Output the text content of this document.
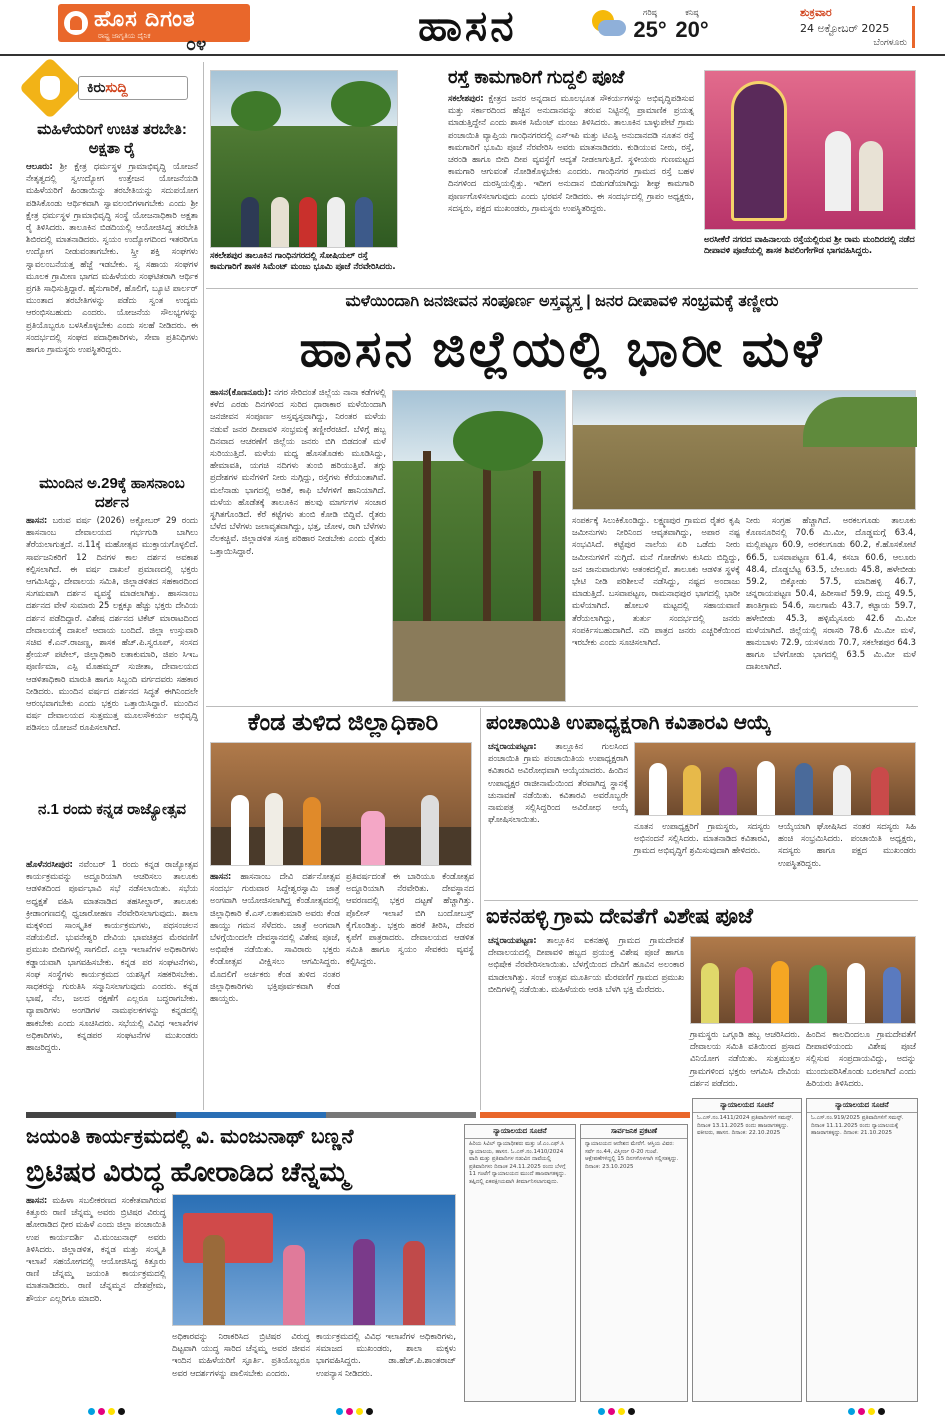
ಹೊಸ ದಿಗಂತ
ರಾಷ್ಟ್ರ ಜಾಗೃತಿಯ ದೈನಿಕ ೦೪	ಹಾಸನ	ಗರಿಷ್ಠ
25°
ಕನಿಷ್ಠ
20°
ಶುಕ್ರವಾರ
24 ಅಕ್ಟೋಬರ್ 2025
ಬೆಂಗಳೂರು
ಕಿರುಸುದ್ದಿ
ಮಹಿಳೆಯರಿಗೆ ಉಚಿತ ತರಬೇತಿ: ಅಕ್ಷತಾ ರೈ
ಆಲೂರು: ಶ್ರೀ ಕ್ಷೇತ್ರ ಧರ್ಮಸ್ಥಳ ಗ್ರಾಮಾಭಿವೃದ್ಧಿ ಯೋಜನೆ ನೇತೃತ್ವದಲ್ಲಿ ಸ್ವಉದ್ಯೋಗ ಉತ್ತೇಜನ ಯೋಜನೆಯಡಿ ಮಹಿಳೆಯರಿಗೆ ಹಿಂಡಾಯಿನ್ನು ತರಬೇತಿಯನ್ನು ಸದುಪಯೋಗ ಪಡಿಸಿಕೊಂಡು ಆರ್ಥಿಕವಾಗಿ ಸ್ವಾವಲಂಬಿಗಳಾಗಬೇಕು ಎಂದು ಶ್ರೀ ಕ್ಷೇತ್ರ ಧರ್ಮಸ್ಥಳ ಗ್ರಾಮಾಭಿವೃದ್ಧಿ ಸಂಸ್ಥೆ ಯೋಜನಾಧಿಕಾರಿ ಅಕ್ಷತಾ ರೈ ತಿಳಿಸಿದರು. ತಾಲೂಕಿನ ಬಿಡದಿಯಲ್ಲಿ ಆಯೋಜಿಸಿದ್ದ ತರಬೇತಿ ಶಿಬಿರದಲ್ಲಿ ಮಾತನಾಡಿದರು. ಸ್ವಯಂ ಉದ್ಯೋಗದಿಂದ ಇತರರಿಗೂ ಉದ್ಯೋಗ ನೀಡುವಂತಾಗಬೇಕು. ಸ್ತ್ರೀ ಶಕ್ತಿ ಸಂಘಗಳು ಸ್ವಾವಲಂಬನೆಯತ್ತ ಹೆಜ್ಜೆ ಇಡಬೇಕು. ಸ್ವ ಸಹಾಯ ಸಂಘಗಳ ಮೂಲಕ ಗ್ರಾಮೀಣ ಭಾಗದ ಮಹಿಳೆಯರು ಸಂಘಟಿತರಾಗಿ ಆರ್ಥಿಕ ಪ್ರಗತಿ ಸಾಧಿಸುತ್ತಿದ್ದಾರೆ. ಹೈನುಗಾರಿಕೆ, ಹೊಲಿಗೆ, ಬ್ಯೂಟಿ ಪಾರ್ಲರ್ ಮುಂತಾದ ತರಬೇತಿಗಳನ್ನು ಪಡೆದು ಸ್ವಂತ ಉದ್ಯಮ ಆರಂಭಿಸಬಹುದು ಎಂದರು. ಯೋಜನೆಯ ಸೌಲಭ್ಯಗಳನ್ನು ಪ್ರತಿಯೊಬ್ಬರೂ ಬಳಸಿಕೊಳ್ಳಬೇಕು ಎಂದು ಸಲಹೆ ನೀಡಿದರು. ಈ ಸಂದರ್ಭದಲ್ಲಿ ಸಂಘದ ಪದಾಧಿಕಾರಿಗಳು, ಸೇವಾ ಪ್ರತಿನಿಧಿಗಳು ಹಾಗೂ ಗ್ರಾಮಸ್ಥರು ಉಪಸ್ಥಿತರಿದ್ದರು.
ಮುಂದಿನ ಅ.29ಕ್ಕೆ ಹಾಸನಾಂಬ ದರ್ಶನ
ಹಾಸನ: ಬರುವ ವರ್ಷ (2026) ಅಕ್ಟೋಬರ್ 29 ರಂದು ಹಾಸನಾಂಬ ದೇವಾಲಯದ ಗರ್ಭಗುಡಿ ಬಾಗಿಲು ತೆರೆಯಲಾಗುತ್ತದೆ. ನ.11ಕ್ಕೆ ಮಹೋತ್ಸವ ಮುಕ್ತಾಯಗೊಳ್ಳಲಿದೆ. ಸಾರ್ವಜನಿಕರಿಗೆ 12 ದಿನಗಳ ಕಾಲ ದರ್ಶನ ಅವಕಾಶ ಕಲ್ಪಿಸಲಾಗಿದೆ. ಈ ವರ್ಷ ದಾಖಲೆ ಪ್ರಮಾಣದಲ್ಲಿ ಭಕ್ತರು ಆಗಮಿಸಿದ್ದು, ದೇವಾಲಯ ಸಮಿತಿ, ಜಿಲ್ಲಾಡಳಿತದ ಸಹಕಾರದಿಂದ ಸುಗಮವಾಗಿ ದರ್ಶನ ವ್ಯವಸ್ಥೆ ಮಾಡಲಾಗಿತ್ತು. ಹಾಸನಾಂಬ ದರ್ಶನದ ವೇಳೆ ಸುಮಾರು 25 ಲಕ್ಷಕ್ಕೂ ಹೆಚ್ಚು ಭಕ್ತರು ದೇವಿಯ ದರ್ಶನ ಪಡೆದಿದ್ದಾರೆ. ವಿಶೇಷ ದರ್ಶನದ ಟಿಕೆಟ್ ಮಾರಾಟದಿಂದ ದೇವಾಲಯಕ್ಕೆ ದಾಖಲೆ ಆದಾಯ ಬಂದಿದೆ. ಜಿಲ್ಲಾ ಉಸ್ತುವಾರಿ ಸಚಿವ ಕೆ.ಎನ್.ರಾಜಣ್ಣ, ಶಾಸಕ ಹೆಚ್.ಪಿ.ಸ್ವರೂಪ್, ಸಂಸದ ಶ್ರೇಯಸ್ ಪಟೇಲ್, ಜಿಲ್ಲಾಧಿಕಾರಿ ಲತಾಕುಮಾರಿ, ಜಿಪಂ ಸಿಇಒ ಪೂರ್ಣಿಮಾ, ಎಸ್ಪಿ ಮೊಹಮ್ಮದ್ ಸುಜೀತಾ, ದೇವಾಲಯದ ಆಡಳಿತಾಧಿಕಾರಿ ಮಾರುತಿ ಹಾಗೂ ಸಿಬ್ಬಂದಿ ವರ್ಗದವರು ಸಹಕಾರ ನೀಡಿದರು. ಮುಂದಿನ ವರ್ಷದ ದರ್ಶನದ ಸಿದ್ಧತೆ ಈಗಿನಿಂದಲೇ ಆರಂಭವಾಗಬೇಕು ಎಂದು ಭಕ್ತರು ಒತ್ತಾಯಿಸಿದ್ದಾರೆ. ಮುಂದಿನ ವರ್ಷ ದೇವಾಲಯದ ಸುತ್ತಮುತ್ತ ಮೂಲಸೌಕರ್ಯ ಅಭಿವೃದ್ಧಿ ಪಡಿಸಲು ಯೋಜನೆ ರೂಪಿಸಲಾಗಿದೆ.
ನ.1 ರಂದು ಕನ್ನಡ ರಾಜ್ಯೋತ್ಸವ
ಹೊಳೆನರಸೀಪುರ: ನವೆಂಬರ್ 1 ರಂದು ಕನ್ನಡ ರಾಜ್ಯೋತ್ಸವ ಕಾರ್ಯಕ್ರಮವನ್ನು ಅದ್ದೂರಿಯಾಗಿ ಆಚರಿಸಲು ತಾಲೂಕು ಆಡಳಿತದಿಂದ ಪೂರ್ವಭಾವಿ ಸಭೆ ನಡೆಸಲಾಯಿತು. ಸಭೆಯ ಅಧ್ಯಕ್ಷತೆ ವಹಿಸಿ ಮಾತನಾಡಿದ ತಹಸೀಲ್ದಾರ್, ತಾಲೂಕು ಕ್ರೀಡಾಂಗಣದಲ್ಲಿ ಧ್ವಜಾರೋಹಣ ನೆರವೇರಿಸಲಾಗುವುದು. ಶಾಲಾ ಮಕ್ಕಳಿಂದ ಸಾಂಸ್ಕೃತಿಕ ಕಾರ್ಯಕ್ರಮಗಳು, ಪಥಸಂಚಲನ ನಡೆಯಲಿದೆ. ಭುವನೇಶ್ವರಿ ದೇವಿಯ ಭಾವಚಿತ್ರದ ಮೆರವಣಿಗೆ ಪ್ರಮುಖ ಬೀದಿಗಳಲ್ಲಿ ಸಾಗಲಿದೆ. ಎಲ್ಲಾ ಇಲಾಖೆಗಳ ಅಧಿಕಾರಿಗಳು ಕಡ್ಡಾಯವಾಗಿ ಭಾಗವಹಿಸಬೇಕು. ಕನ್ನಡ ಪರ ಸಂಘಟನೆಗಳು, ಸಂಘ ಸಂಸ್ಥೆಗಳು ಕಾರ್ಯಕ್ರಮದ ಯಶಸ್ಸಿಗೆ ಸಹಕರಿಸಬೇಕು. ಸಾಧಕರನ್ನು ಗುರುತಿಸಿ ಸನ್ಮಾನಿಸಲಾಗುವುದು ಎಂದರು. ಕನ್ನಡ ಭಾಷೆ, ನೆಲ, ಜಲದ ರಕ್ಷಣೆಗೆ ಎಲ್ಲರೂ ಬದ್ಧರಾಗಬೇಕು. ವ್ಯಾಪಾರಿಗಳು ಅಂಗಡಿಗಳ ನಾಮಫಲಕಗಳನ್ನು ಕನ್ನಡದಲ್ಲಿ ಹಾಕಬೇಕು ಎಂದು ಸೂಚಿಸಿದರು. ಸಭೆಯಲ್ಲಿ ವಿವಿಧ ಇಲಾಖೆಗಳ ಅಧಿಕಾರಿಗಳು, ಕನ್ನಡಪರ ಸಂಘಟನೆಗಳ ಮುಖಂಡರು ಹಾಜರಿದ್ದರು.
ಸಕಲೇಶಪುರ ತಾಲೂಕಿನ ಗಾಂಧಿನಗರದಲ್ಲಿ ಸೋಷಿಯಲ್ ರಸ್ತೆ ಕಾಮಗಾರಿಗೆ ಶಾಸಕ ಸಿಮೆಂಟ್ ಮಂಜು ಭೂಮಿ ಪೂಜೆ ನೆರವೇರಿಸಿದರು.
ರಸ್ತೆ ಕಾಮಗಾರಿಗೆ ಗುದ್ದಲಿ ಪೂಜೆ
ಸಕಲೇಶಪುರ: ಕ್ಷೇತ್ರದ ಜನರ ಅನ್ನದಾದ ಮೂಲಭೂತ ಸೌಕರ್ಯಗಳನ್ನು ಅಭಿವೃದ್ಧಿಪಡಿಸುವ ಮತ್ತು ಸರ್ಕಾರದಿಂದ ಹೆಚ್ಚಿನ ಅನುದಾನವನ್ನು ತರುವ ನಿಟ್ಟಿನಲ್ಲಿ ಪ್ರಾಮಾಣಿಕ ಪ್ರಯತ್ನ ಮಾಡುತ್ತಿದ್ದೇನೆ ಎಂದು ಶಾಸಕ ಸಿಮೆಂಟ್ ಮಂಜು ತಿಳಿಸಿದರು. ತಾಲೂಕಿನ ಬಾಳ್ಳುಪೇಟೆ ಗ್ರಾಮ ಪಂಚಾಯಿತಿ ವ್ಯಾಪ್ತಿಯ ಗಾಂಧಿನಗರದಲ್ಲಿ ಎಸ್ಇಪಿ ಮತ್ತು ಟಿಎಸ್ಪಿ ಅನುದಾನದಡಿ ನೂತನ ರಸ್ತೆ ಕಾಮಗಾರಿಗೆ ಭೂಮಿ ಪೂಜೆ ನೆರವೇರಿಸಿ ಅವರು ಮಾತನಾಡಿದರು. ಕುಡಿಯುವ ನೀರು, ರಸ್ತೆ, ಚರಂಡಿ ಹಾಗೂ ಬೀದಿ ದೀಪ ವ್ಯವಸ್ಥೆಗೆ ಆದ್ಯತೆ ನೀಡಲಾಗುತ್ತಿದೆ. ಸ್ಥಳೀಯರು ಗುಣಮಟ್ಟದ ಕಾಮಗಾರಿ ಆಗುವಂತೆ ನೋಡಿಕೊಳ್ಳಬೇಕು ಎಂದರು. ಗಾಂಧಿನಗರ ಗ್ರಾಮದ ರಸ್ತೆ ಬಹಳ ದಿನಗಳಿಂದ ದುರಸ್ತಿಯಲ್ಲಿತ್ತು. ಇದೀಗ ಅನುದಾನ ಬಿಡುಗಡೆಯಾಗಿದ್ದು ಶೀಘ್ರ ಕಾಮಗಾರಿ ಪೂರ್ಣಗೊಳಿಸಲಾಗುವುದು ಎಂದು ಭರವಸೆ ನೀಡಿದರು. ಈ ಸಂದರ್ಭದಲ್ಲಿ ಗ್ರಾಪಂ ಅಧ್ಯಕ್ಷರು, ಸದಸ್ಯರು, ಪಕ್ಷದ ಮುಖಂಡರು, ಗ್ರಾಮಸ್ಥರು ಉಪಸ್ಥಿತರಿದ್ದರು.
ಅರಸೀಕೆರೆ ನಗರದ ವಾಹಿನಾಲಯ ರಸ್ತೆಯಲ್ಲಿರುವ ಶ್ರೀ ರಾಮ ಮಂದಿರದಲ್ಲಿ ನಡೆದ ದೀಪಾವಳಿ ಪೂಜೆಯಲ್ಲಿ ಶಾಸಕ ಶಿವಲಿಂಗೇಗೌಡ ಭಾಗವಹಿಸಿದ್ದರು.
ಮಳೆಯಿಂದಾಗಿ ಜನಜೀವನ ಸಂಪೂರ್ಣ ಅಸ್ತವ್ಯಸ್ತ | ಜನರ ದೀಪಾವಳಿ ಸಂಭ್ರಮಕ್ಕೆ ತಣ್ಣೀರು
ಹಾಸನ ಜಿಲ್ಲೆಯಲ್ಲಿ ಭಾರೀ ಮಳೆ
ಹಾಸನ(ಕೊಣನೂರು): ನಗರ ಸೇರಿದಂತೆ ಜಿಲ್ಲೆಯ ನಾನಾ ಕಡೆಗಳಲ್ಲಿ ಕಳೆದ ಎರಡು ದಿನಗಳಿಂದ ಸುರಿದ ಧಾರಾಕಾರ ಮಳೆಯಿಂದಾಗಿ ಜನಜೀವನ ಸಂಪೂರ್ಣ ಅಸ್ತವ್ಯಸ್ತವಾಗಿದ್ದು, ನಿರಂತರ ಮಳೆಯ ನಡುವೆ ಜನರ ದೀಪಾವಳಿ ಸಂಭ್ರಮಕ್ಕೆ ತಣ್ಣೀರೆರಚಿದೆ. ಬೆಳಿಗ್ಗೆ ಹಬ್ಬ ದಿನವಾದ ಆಚರಣೆಗೆ ಜಿಲ್ಲೆಯ ಜನರು ಬಿಗಿ ಬಿಡದಂತೆ ಮಳೆ ಸುರಿಯುತ್ತಿದೆ. ಮಳೆಯ ಮಧ್ಯ ಹೊಸತೊಡಕು ಮೂಡಿಸಿದ್ದು, ಹೇಮಾವತಿ, ಯಗಚಿ ನದಿಗಳು ತುಂಬಿ ಹರಿಯುತ್ತಿವೆ. ತಗ್ಗು ಪ್ರದೇಶಗಳ ಮನೆಗಳಿಗೆ ನೀರು ನುಗ್ಗಿದ್ದು, ರಸ್ತೆಗಳು ಕೆರೆಯಂತಾಗಿವೆ. ಮಲೆನಾಡು ಭಾಗದಲ್ಲಿ ಅಡಿಕೆ, ಕಾಫಿ ಬೆಳೆಗಳಿಗೆ ಹಾನಿಯಾಗಿದೆ. ಮಳೆಯ ಹೊಡೆತಕ್ಕೆ ತಾಲೂಕಿನ ಹಲವು ಮಾರ್ಗಗಳ ಸಂಚಾರ ಸ್ಥಗಿತಗೊಂಡಿದೆ. ಕೆರೆ ಕಟ್ಟೆಗಳು ತುಂಬಿ ಕೋಡಿ ಬಿದ್ದಿವೆ. ರೈತರು ಬೆಳೆದ ಬೆಳೆಗಳು ಜಲಾವೃತವಾಗಿದ್ದು, ಭತ್ತ, ಜೋಳ, ರಾಗಿ ಬೆಳೆಗಳು ನೆಲಕಚ್ಚಿವೆ. ಜಿಲ್ಲಾಡಳಿತ ಸೂಕ್ತ ಪರಿಹಾರ ನೀಡಬೇಕು ಎಂದು ರೈತರು ಒತ್ತಾಯಿಸಿದ್ದಾರೆ.
ಸಂಪರ್ಕಕ್ಕೆ ಸಿಲುಕಿಕೊಂಡಿದ್ದು. ಲಕ್ಷ್ಮಣಪುರ ಗ್ರಾಮದ ರೈತರ ಕೃಷಿ ಜಮೀನುಗಳು ನೀರಿನಿಂದ ಆವೃತವಾಗಿದ್ದು, ಅಪಾರ ನಷ್ಟ ಸಂಭವಿಸಿದೆ. ಕಟ್ಟೆಪುರ ನಾಲೆಯ ಏರಿ ಒಡೆದು ನೀರು ಜಮೀನುಗಳಿಗೆ ನುಗ್ಗಿದೆ. ಮನೆ ಗೋಡೆಗಳು ಕುಸಿದು ಬಿದ್ದಿದ್ದು, ಜನ ಜಾನುವಾರುಗಳು ಆತಂಕದಲ್ಲಿವೆ. ತಾಲೂಕು ಆಡಳಿತ ಸ್ಥಳಕ್ಕೆ ಭೇಟಿ ನೀಡಿ ಪರಿಶೀಲನೆ ನಡೆಸಿದ್ದು, ನಷ್ಟದ ಅಂದಾಜು ಮಾಡುತ್ತಿದೆ. ಬಸವಾಪಟ್ಟಣ, ರಾಮನಾಥಪುರ ಭಾಗದಲ್ಲಿ ಭಾರೀ ಮಳೆಯಾಗಿದೆ. ಹೋಬಳಿ ಮಟ್ಟದಲ್ಲಿ ಸಹಾಯವಾಣಿ ತೆರೆಯಲಾಗಿದ್ದು, ತುರ್ತು ಸಂದರ್ಭದಲ್ಲಿ ಜನರು ಸಂಪರ್ಕಿಸಬಹುದಾಗಿದೆ. ನದಿ ಪಾತ್ರದ ಜನರು ಎಚ್ಚರಿಕೆಯಿಂದ ಇರಬೇಕು ಎಂದು ಸೂಚಿಸಲಾಗಿದೆ.
ನೀರು ಸಂಗ್ರಹ ಹೆಚ್ಚಾಗಿದೆ. ಅರಕಲಗೂಡು ತಾಲೂಕು ಕೊಣನೂರಿನಲ್ಲಿ 70.6 ಮಿ.ಮೀ, ದೊಡ್ಡಮಗ್ಗೆ 63.4, ಮಲ್ಲಿಪಟ್ಟಣ 60.9, ಅರಕಲಗೂಡು 60.2, ಕೆ.ಹೊಸಕೋಟೆ 66.5, ಬಸವಾಪಟ್ಟಣ 61.4, ಕಸಬಾ 60.6, ಆಲೂರು 48.4, ದೊಡ್ಡಬೆಟ್ಟ 63.5, ಬೇಲೂರು 45.8, ಹಳೇಬೀಡು 59.2, ಬಿಕ್ಕೋಡು 57.5, ಮಾದಿಹಳ್ಳಿ 46.7, ಚನ್ನರಾಯಪಟ್ಟಣ 50.4, ಹಿರೀಸಾವೆ 59.9, ದುದ್ದ 49.5, ಶಾಂತಿಗ್ರಾಮ 54.6, ಸಾಲಗಾಮೆ 43.7, ಕಟ್ಟಾಯ 59.7, ಹಳೇಬೀಡು 45.3, ಹಳ್ಳಿಮೈಸೂರು 42.6 ಮಿ.ಮೀ ಮಳೆಯಾಗಿದೆ. ಜಿಲ್ಲೆಯಲ್ಲಿ ಸರಾಸರಿ 78.6 ಮಿ.ಮೀ ಮಳೆ, ಹಾನುಬಾಳು 72.9, ಯಸಳೂರು 70.7, ಸಕಲೇಶಪುರ 64.3 ಹಾಗೂ ಬೆಳಗೋಡು ಭಾಗದಲ್ಲಿ 63.5 ಮಿ.ಮೀ ಮಳೆ ದಾಖಲಾಗಿದೆ.
ಕೆಂಡ ತುಳಿದ ಜಿಲ್ಲಾಧಿಕಾರಿ
ಹಾಸನ: ಹಾಸನಾಂಬ ದೇವಿ ದರ್ಶನೋತ್ಸವ ಸಂದರ್ಭ ಗುರುವಾರ ಸಿದ್ದೇಶ್ವರಸ್ವಾಮಿ ಜಾತ್ರೆ ಅಂಗವಾಗಿ ಆಯೋಜಿಸಲಾಗಿದ್ದ ಕೆಂಡೋತ್ಸವದಲ್ಲಿ ಜಿಲ್ಲಾಧಿಕಾರಿ ಕೆ.ಎಸ್.ಲತಾಕುಮಾರಿ ಅವರು ಕೆಂಡ ಹಾಯ್ದು ಗಮನ ಸೆಳೆದರು. ಜಾತ್ರೆ ಅಂಗವಾಗಿ ಬೆಳಗ್ಗೆಯಿಂದಲೇ ದೇವಸ್ಥಾನದಲ್ಲಿ ವಿಶೇಷ ಪೂಜೆ, ಅಭಿಷೇಕ ನಡೆಯಿತು. ಸಾವಿರಾರು ಭಕ್ತರು ಕೆಂಡೋತ್ಸವ ವೀಕ್ಷಿಸಲು ಆಗಮಿಸಿದ್ದರು. ಮೊದಲಿಗೆ ಅರ್ಚಕರು ಕೆಂಡ ತುಳಿದ ನಂತರ ಜಿಲ್ಲಾಧಿಕಾರಿಗಳು ಭಕ್ತಿಪೂರ್ವಕವಾಗಿ ಕೆಂಡ ಹಾಯ್ದರು.
ಪ್ರತಿವರ್ಷದಂತೆ ಈ ಬಾರಿಯೂ ಕೆಂಡೋತ್ಸವ ಅದ್ದೂರಿಯಾಗಿ ನೆರವೇರಿತು. ದೇವಸ್ಥಾನದ ಆವರಣದಲ್ಲಿ ಭಕ್ತರ ದಟ್ಟಣೆ ಹೆಚ್ಚಾಗಿತ್ತು. ಪೊಲೀಸ್ ಇಲಾಖೆ ಬಿಗಿ ಬಂದೋಬಸ್ತ್ ಕೈಗೊಂಡಿತ್ತು. ಭಕ್ತರು ಹರಕೆ ತೀರಿಸಿ, ದೇವರ ಕೃಪೆಗೆ ಪಾತ್ರರಾದರು. ದೇವಾಲಯದ ಆಡಳಿತ ಸಮಿತಿ ಹಾಗೂ ಸ್ವಯಂ ಸೇವಕರು ವ್ಯವಸ್ಥೆ ಕಲ್ಪಿಸಿದ್ದರು.
ಪಂಚಾಯಿತಿ ಉಪಾಧ್ಯಕ್ಷರಾಗಿ ಕವಿತಾರವಿ ಆಯ್ಕೆ
ಚನ್ನರಾಯಪಟ್ಟಣ: ತಾಲ್ಲೂಕಿನ ಗುಲಸಿಂದ ಪಂಚಾಯಿತಿ ಗ್ರಾಮ ಪಂಚಾಯಿತಿಯ ಉಪಾಧ್ಯಕ್ಷರಾಗಿ ಕವಿತಾರವಿ ಅವಿರೋಧವಾಗಿ ಆಯ್ಕೆಯಾದರು. ಹಿಂದಿನ ಉಪಾಧ್ಯಕ್ಷರ ರಾಜೀನಾಮೆಯಿಂದ ತೆರವಾಗಿದ್ದ ಸ್ಥಾನಕ್ಕೆ ಚುನಾವಣೆ ನಡೆಯಿತು. ಕವಿತಾರವಿ ಅವರೊಬ್ಬರೇ ನಾಮಪತ್ರ ಸಲ್ಲಿಸಿದ್ದರಿಂದ ಅವಿರೋಧ ಆಯ್ಕೆ ಘೋಷಿಸಲಾಯಿತು.
ನೂತನ ಉಪಾಧ್ಯಕ್ಷರಿಗೆ ಗ್ರಾಮಸ್ಥರು, ಸದಸ್ಯರು ಅಭಿನಂದನೆ ಸಲ್ಲಿಸಿದರು. ಮಾತನಾಡಿದ ಕವಿತಾರವಿ, ಗ್ರಾಮದ ಅಭಿವೃದ್ಧಿಗೆ ಶ್ರಮಿಸುವುದಾಗಿ ಹೇಳಿದರು.
ಆಯ್ಕೆಯಾಗಿ ಘೋಷಿಸಿದ ನಂತರ ಸದಸ್ಯರು ಸಿಹಿ ಹಂಚಿ ಸಂಭ್ರಮಿಸಿದರು. ಪಂಚಾಯಿತಿ ಅಧ್ಯಕ್ಷರು, ಸದಸ್ಯರು ಹಾಗೂ ಪಕ್ಷದ ಮುಖಂಡರು ಉಪಸ್ಥಿತರಿದ್ದರು.
ಐಕನಹಳ್ಳಿ ಗ್ರಾಮ ದೇವತೆಗೆ ವಿಶೇಷ ಪೂಜೆ
ಚನ್ನರಾಯಪಟ್ಟಣ: ತಾಲ್ಲೂಕಿನ ಐಕನಹಳ್ಳಿ ಗ್ರಾಮದ ಗ್ರಾಮದೇವತೆ ದೇವಾಲಯದಲ್ಲಿ ದೀಪಾವಳಿ ಹಬ್ಬದ ಪ್ರಯುಕ್ತ ವಿಶೇಷ ಪೂಜೆ ಹಾಗೂ ಅಭಿಷೇಕ ನೆರವೇರಿಸಲಾಯಿತು. ಬೆಳಗ್ಗೆಯಿಂದ ದೇವಿಗೆ ಹೂವಿನ ಅಲಂಕಾರ ಮಾಡಲಾಗಿತ್ತು. ಸಂಜೆ ಉತ್ಸವ ಮೂರ್ತಿಯ ಮೆರವಣಿಗೆ ಗ್ರಾಮದ ಪ್ರಮುಖ ಬೀದಿಗಳಲ್ಲಿ ನಡೆಯಿತು. ಮಹಿಳೆಯರು ಆರತಿ ಬೆಳಗಿ ಭಕ್ತಿ ಮೆರೆದರು.
ಗ್ರಾಮಸ್ಥರು ಒಗ್ಗೂಡಿ ಹಬ್ಬ ಆಚರಿಸಿದರು. ದೇವಾಲಯ ಸಮಿತಿ ವತಿಯಿಂದ ಪ್ರಸಾದ ವಿನಿಯೋಗ ನಡೆಯಿತು. ಸುತ್ತಮುತ್ತಲ ಗ್ರಾಮಗಳಿಂದ ಭಕ್ತರು ಆಗಮಿಸಿ ದೇವಿಯ ದರ್ಶನ ಪಡೆದರು.
ಹಿಂದಿನ ಕಾಲದಿಂದಲೂ ಗ್ರಾಮದೇವತೆಗೆ ದೀಪಾವಳಿಯಂದು ವಿಶೇಷ ಪೂಜೆ ಸಲ್ಲಿಸುವ ಸಂಪ್ರದಾಯವಿದ್ದು, ಅದನ್ನು ಮುಂದುವರಿಸಿಕೊಂಡು ಬರಲಾಗಿದೆ ಎಂದು ಹಿರಿಯರು ತಿಳಿಸಿದರು.
ಜಯಂತಿ ಕಾರ್ಯಕ್ರಮದಲ್ಲಿ ವಿ. ಮಂಜುನಾಥ್ ಬಣ್ಣನೆ
ಬ್ರಿಟಿಷರ ವಿರುದ್ಧ ಹೋರಾಡಿದ ಚೆನ್ನಮ್ಮ
ಹಾಸನ: ಮಹಿಳಾ ಸಬಲೀಕರಣದ ಸಂಕೇತವಾಗಿರುವ ಕಿತ್ತೂರು ರಾಣಿ ಚೆನ್ನಮ್ಮ ಅವರು ಬ್ರಿಟಿಷರ ವಿರುದ್ಧ ಹೋರಾಡಿದ ಧೀರ ಮಹಿಳೆ ಎಂದು ಜಿಲ್ಲಾ ಪಂಚಾಯಿತಿ ಉಪ ಕಾರ್ಯದರ್ಶಿ ವಿ.ಮಂಜುನಾಥ್ ಅವರು ತಿಳಿಸಿದರು. ಜಿಲ್ಲಾಡಳಿತ, ಕನ್ನಡ ಮತ್ತು ಸಂಸ್ಕೃತಿ ಇಲಾಖೆ ಸಹಯೋಗದಲ್ಲಿ ಆಯೋಜಿಸಿದ್ದ ಕಿತ್ತೂರು ರಾಣಿ ಚೆನ್ನಮ್ಮ ಜಯಂತಿ ಕಾರ್ಯಕ್ರಮದಲ್ಲಿ ಮಾತನಾಡಿದರು. ರಾಣಿ ಚೆನ್ನಮ್ಮನ ದೇಶಪ್ರೇಮ, ಶೌರ್ಯ ಎಲ್ಲರಿಗೂ ಮಾದರಿ.
ಅಧಿಕಾರವನ್ನು ನಿರಾಕರಿಸಿದ ಬ್ರಿಟಿಷರ ವಿರುದ್ಧ ದಿಟ್ಟವಾಗಿ ಯುದ್ಧ ಸಾರಿದ ಚೆನ್ನಮ್ಮ ಅವರ ಜೀವನ ಇಂದಿನ ಮಹಿಳೆಯರಿಗೆ ಸ್ಫೂರ್ತಿ. ಪ್ರತಿಯೊಬ್ಬರೂ ಅವರ ಆದರ್ಶಗಳನ್ನು ಪಾಲಿಸಬೇಕು ಎಂದರು.
ಕಾರ್ಯಕ್ರಮದಲ್ಲಿ ವಿವಿಧ ಇಲಾಖೆಗಳ ಅಧಿಕಾರಿಗಳು, ಸಮಾಜದ ಮುಖಂಡರು, ಶಾಲಾ ಮಕ್ಕಳು ಭಾಗವಹಿಸಿದ್ದರು. ಡಾ.ಹೆಚ್.ಪಿ.ಶಾಂತರಾಜ್ ಉಪನ್ಯಾಸ ನೀಡಿದರು.
ನ್ಯಾಯಾಲಯದ ಸೂಚನೆ
ಹಿರಿಯ ಸಿವಿಲ್ ನ್ಯಾಯಾಧೀಶರು ಮತ್ತು ಜೆ.ಎಂ.ಎಫ್.ಸಿ ನ್ಯಾಯಾಲಯ, ಹಾಸನ. ಓ.ಎಸ್.ನಂ.1410/2024 ವಾದಿ ಮತ್ತು ಪ್ರತಿವಾದಿಗಳ ನಡುವಿನ ದಾವೆಯಲ್ಲಿ ಪ್ರತಿವಾದಿಗಳು ದಿನಾಂಕ 24.11.2025 ರಂದು ಬೆಳಗ್ಗೆ 11 ಗಂಟೆಗೆ ನ್ಯಾಯಾಲಯದ ಮುಂದೆ ಹಾಜರಾಗತಕ್ಕದ್ದು. ತಪ್ಪಿದಲ್ಲಿ ಏಕಪಕ್ಷೀಯವಾಗಿ ತೀರ್ಮಾನಿಸಲಾಗುವುದು.
ಸಾರ್ವಜನಿಕ ಪ್ರಕಟಣೆ
ನ್ಯಾಯಾಲಯದ ಆದೇಶದ ಮೇರೆಗೆ. ಆಸ್ತಿಯ ವಿವರ: ಸರ್ವೆ ನಂ.44, ವಿಸ್ತೀರ್ಣ 0-20 ಗುಂಟೆ. ಆಕ್ಷೇಪಣೆಗಳಿದ್ದಲ್ಲಿ 15 ದಿನಗಳೊಳಗಾಗಿ ಸಲ್ಲಿಸತಕ್ಕದ್ದು. ದಿನಾಂಕ: 23.10.2025
ನ್ಯಾಯಾಲಯದ ಸೂಚನೆ
ಓ.ಎಸ್.ನಂ.1411/2024 ಪ್ರತಿವಾದಿಗಳಿಗೆ ಸಮನ್ಸ್. ದಿನಾಂಕ 13.11.2025 ರಂದು ಹಾಜರಾಗತಕ್ಕದ್ದು. ವಕೀಲರು, ಹಾಸನ. ದಿನಾಂಕ: 22.10.2025
ನ್ಯಾಯಾಲಯದ ಸೂಚನೆ
ಓ.ಎಸ್.ನಂ.919/2025 ಪ್ರತಿವಾದಿಗಳಿಗೆ ಸಮನ್ಸ್. ದಿನಾಂಕ 11.11.2025 ರಂದು ನ್ಯಾಯಾಲಯಕ್ಕೆ ಹಾಜರಾಗತಕ್ಕದ್ದು. ದಿನಾಂಕ: 21.10.2025
